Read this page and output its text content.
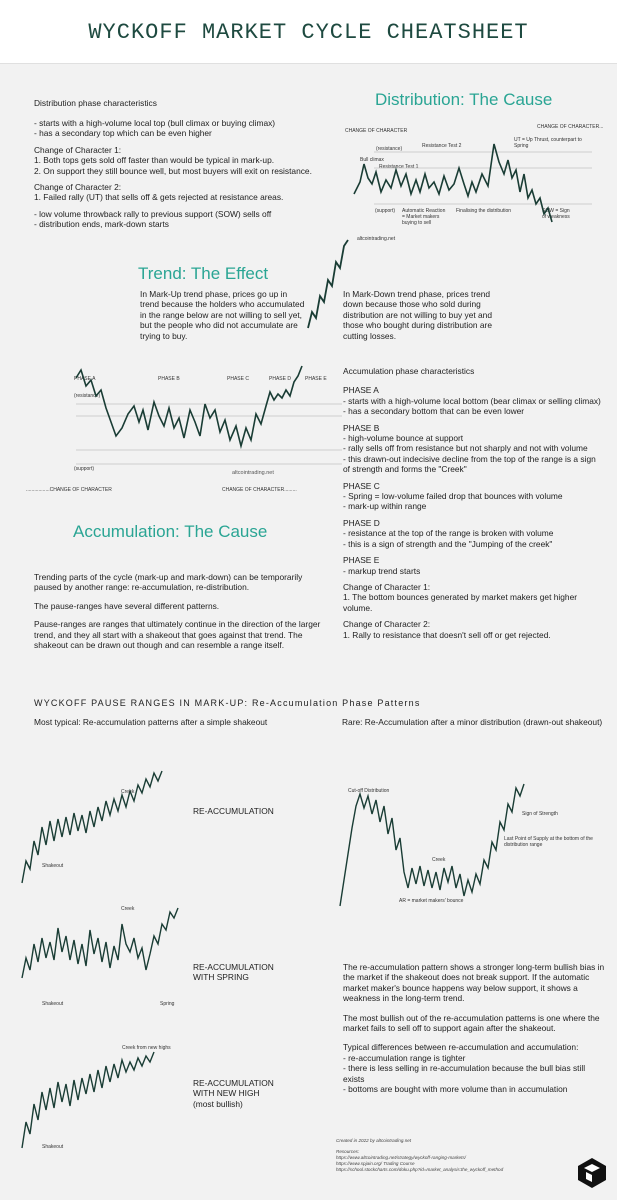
WYCKOFF MARKET CYCLE CHEATSHEET
Distribution phase characteristics
- starts with a high-volume local top (bull climax or buying climax)
- has a secondary top which can be even higher
Change of Character 1:
1. Both tops gets sold off faster than would be typical in mark-up.
2. On support they still bounce well, but most buyers will exit on resistance.
Change of Character 2:
1. Failed rally (UT) that sells off & gets rejected at resistance areas.
- low volume throwback rally to previous support (SOW) sells off
- distribution ends, mark-down starts
Distribution: The Cause
CHANGE OF CHARACTER
CHANGE OF CHARACTER...
(resistance)
Bull climax
Resistance Test 1
Resistance Test 2
UT = Up Thrust, counterpart to Spring
(support) Automatic Reaction = Market makers buying to sell
Finalising the distribution	SOW = Sign of weakness
altcointrading.net
Trend: The Effect
In Mark-Up trend phase, prices go up in trend because the holders who accumulated in the range below are not willing to sell yet, but the people who did not accumulate are trying to buy.
In Mark-Down trend phase, prices trend down because those who sold during distribution are not willing to buy yet and those who bought during distribution are cutting losses.
PHASE A	PHASE B	PHASE C	PHASE D	PHASE E
(resistance)
(support)
altcointrading.net
.................CHANGE OF CHARACTER	CHANGE OF CHARACTER.........
Accumulation: The Cause
Accumulation phase characteristics
PHASE A
- starts with a high-volume local bottom (bear climax or selling climax)
- has a secondary bottom that can be even lower
PHASE B
- high-volume bounce at support
- rally sells off from resistance but not sharply and not with volume
- this drawn-out indecisive decline from the top of the range is a sign of strength and forms the "Creek"
PHASE C
- Spring = low-volume failed drop that bounces with volume
- mark-up within range
PHASE D
- resistance at the top of the range is broken with volume
- this is a sign of strength and the "Jumping of the creek"
PHASE E
- markup trend starts
Change of Character 1:
1. The bottom bounces generated by market makers get higher volume.
Change of Character 2:
1. Rally to resistance that doesn't sell off or get rejected.
Trending parts of the cycle (mark-up and mark-down) can be temporarily paused by another range: re-accumulation, re-distribution.
The pause-ranges have several different patterns.
Pause-ranges are ranges that ultimately continue in the direction of the larger trend, and they all start with a shakeout that goes against that trend. The shakeout can be drawn out though and can resemble a range itself.
WYCKOFF PAUSE RANGES IN MARK-UP: Re-Accumulation Phase Patterns
Most typical: Re-accumulation patterns after a simple shakeout	Rare: Re-Accumulation after a minor distribution (drawn-out shakeout)
Creek
Shakeout
RE-ACCUMULATION
Creek
Shakeout	Spring
RE-ACCUMULATION
WITH SPRING
Creek from new highs
Shakeout
RE-ACCUMULATION
WITH NEW HIGH
(most bullish)
Cut-off Distribution
Creek
Sign of Strength
Last Point of Supply at the bottom of the distribution range
AR = market makers' bounce
The re-accumulation pattern shows a stronger long-term bullish bias in the market if the shakeout does not break support. If the automatic market maker's bounce happens way below support, it shows a weakness in the long-term trend.
The most bullish out of the re-accumulation patterns is one where the market fails to sell off to support again after the shakeout.
Typical differences between re-accumulation and accumulation:
- re-accumulation range is tighter
- there is less selling in re-accumulation because the bull bias still exists
- bottoms are bought with more volume than in accumulation
Created in 2022 by altcointrading.net
Resources:
https://www.altcointrading.net/strategy/wyckoff-ranging-markets/
https://www.spjain.org/ Trading Course
https://school.stockcharts.com/doku.php?id=market_analysis:the_wyckoff_method
